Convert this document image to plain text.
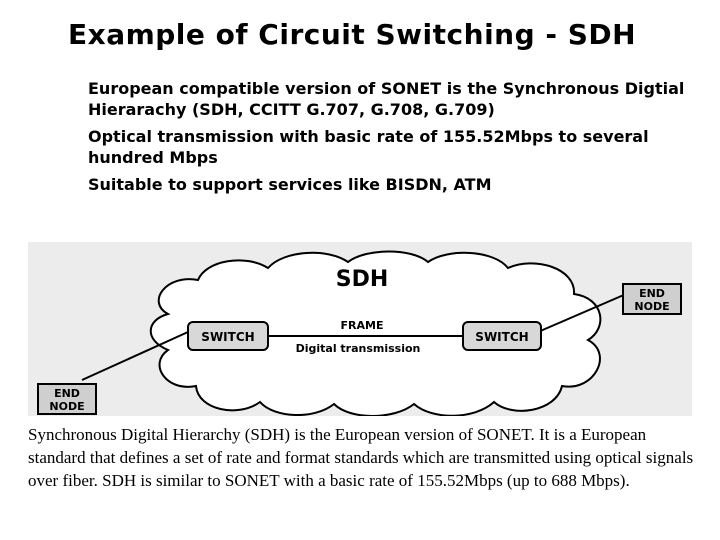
Example of Circuit Switching - SDH
European compatible version of SONET is the Synchronous Digtial Hierarachy (SDH, CCITT G.707, G.708, G.709)
Optical transmission with basic rate of 155.52Mbps to several hundred Mbps
Suitable to support services like BISDN, ATM
SWITCH	SWITCH
SDH
FRAME
Digital transmission
END
NODE
END
NODE
Synchronous Digital Hierarchy (SDH) is the European version of SONET. It is a European standard that defines a set of rate and format standards which are transmitted using optical signals over fiber. SDH is similar to SONET with a basic rate of 155.52Mbps (up to 688 Mbps).
